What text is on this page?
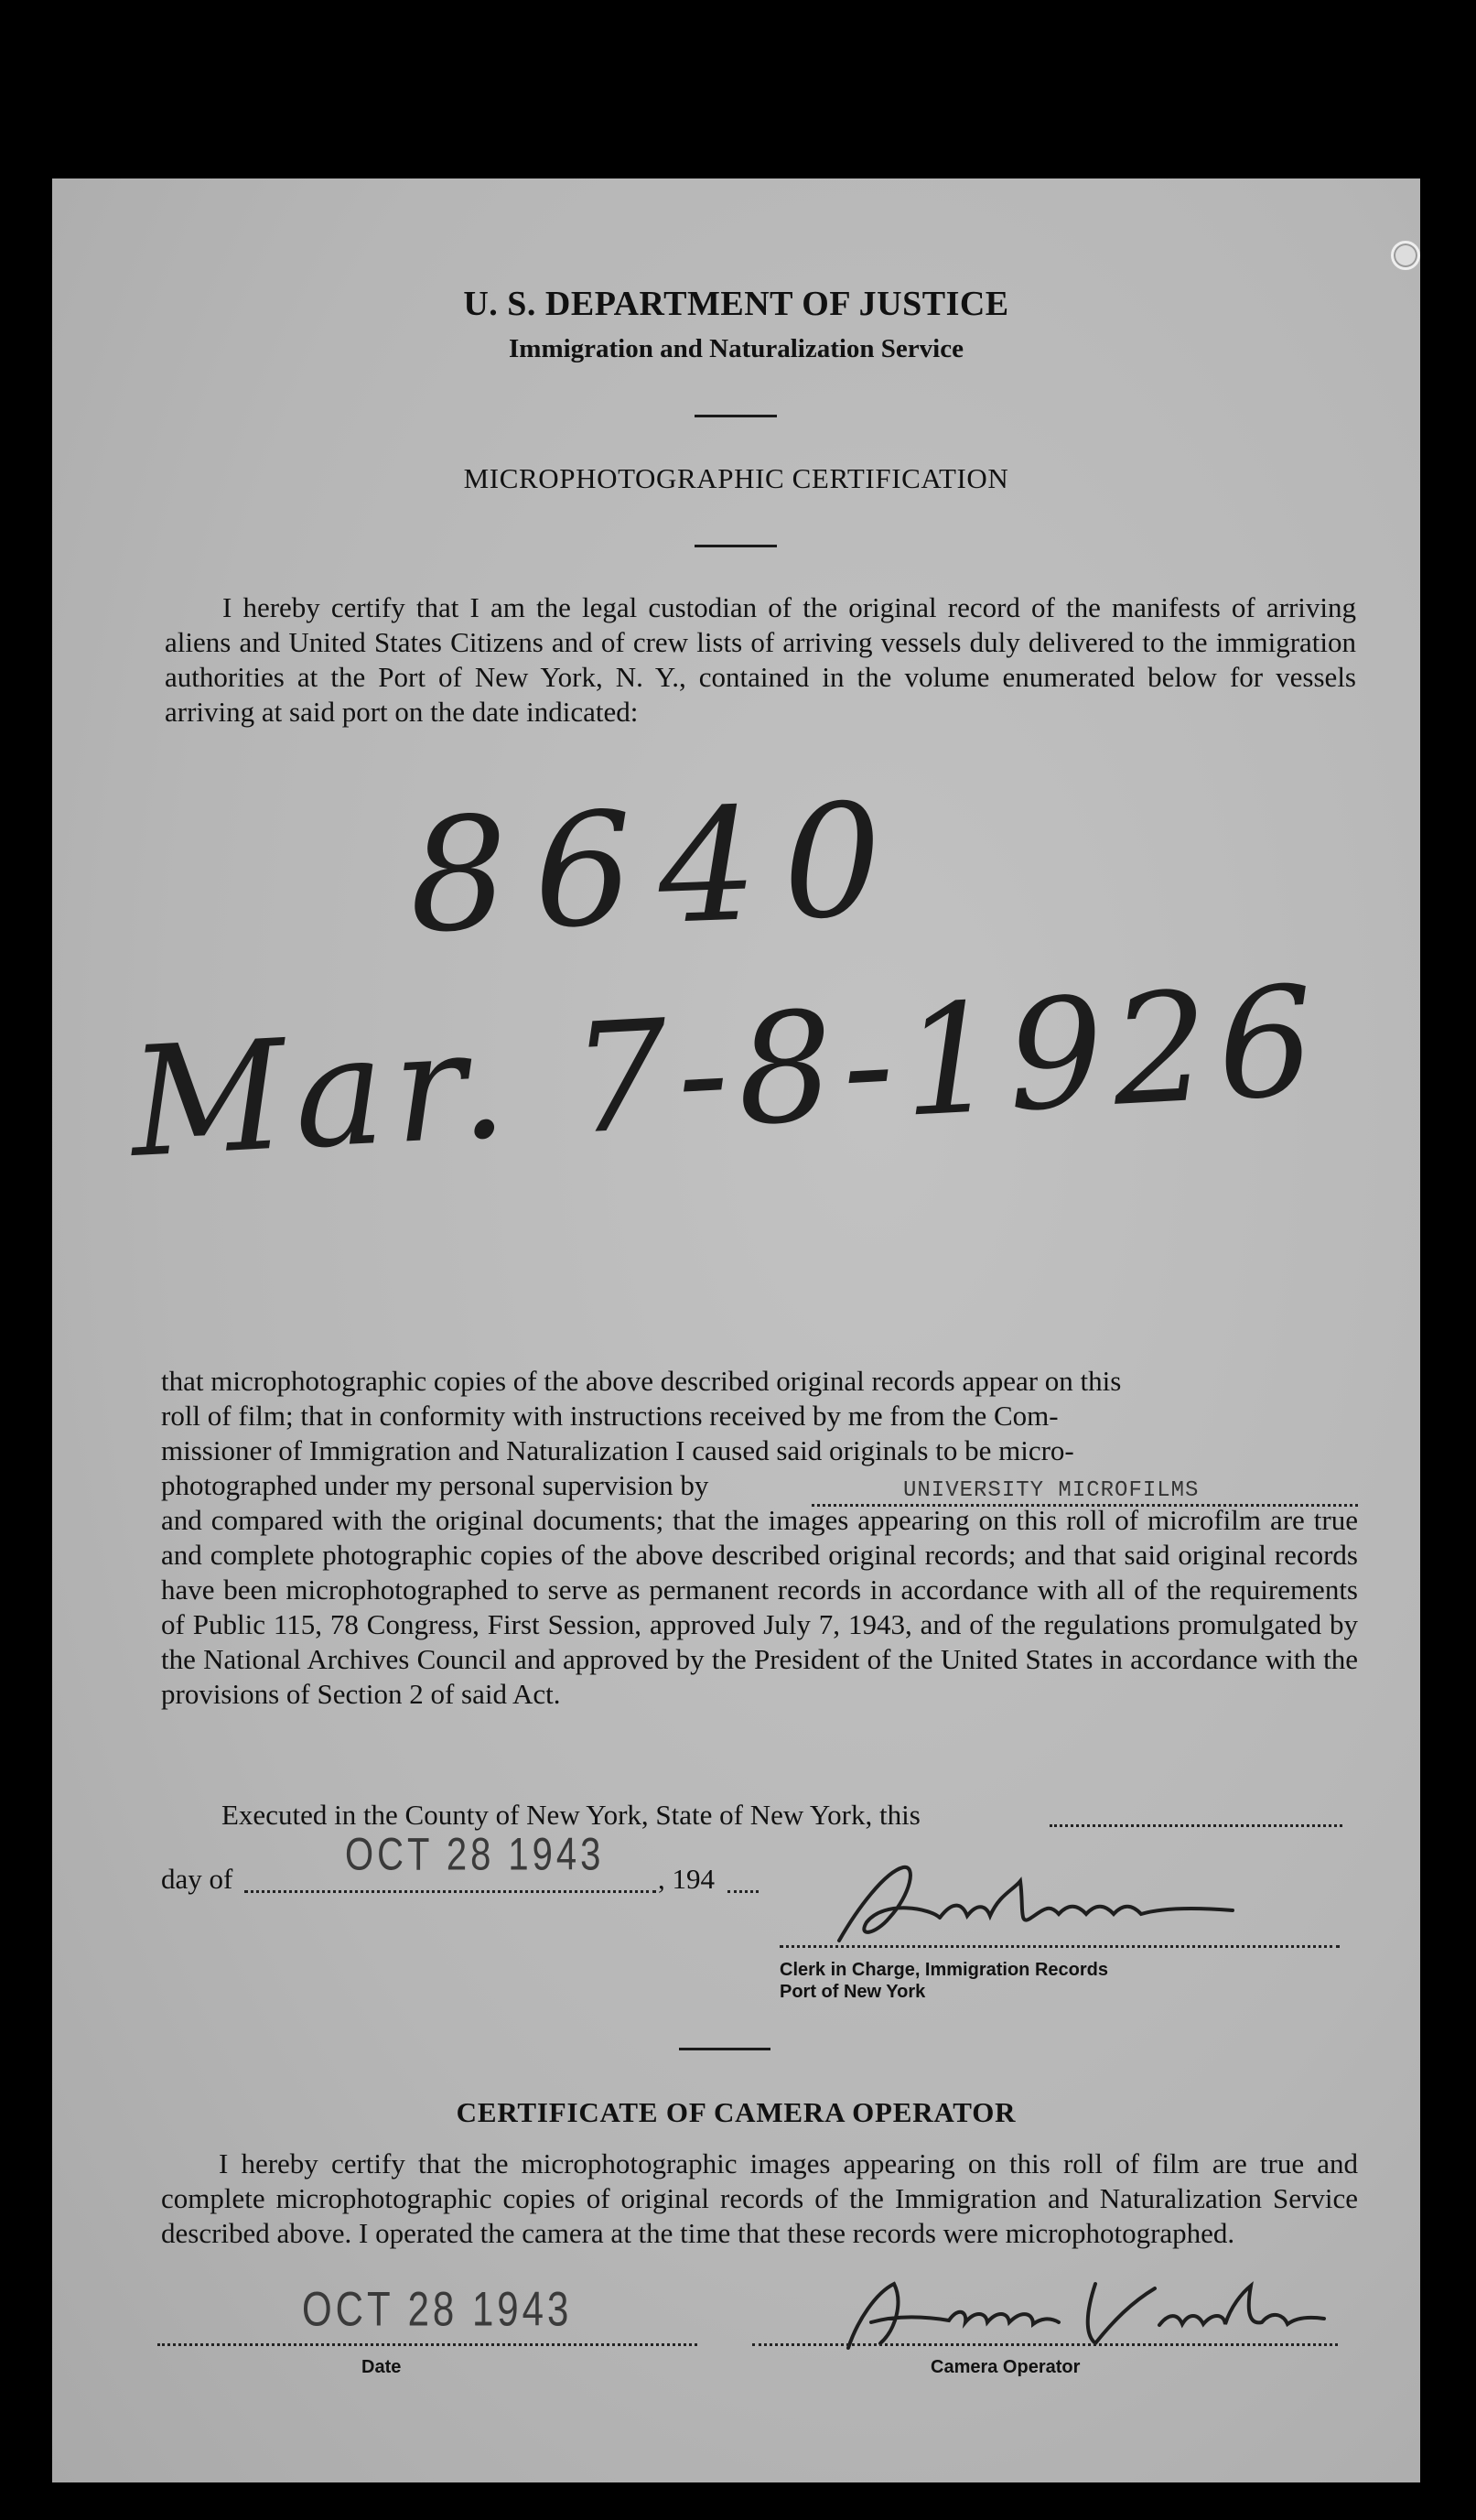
U. S. DEPARTMENT OF JUSTICE
Immigration and Naturalization Service
MICROPHOTOGRAPHIC CERTIFICATION
I hereby certify that I am the legal custodian of the original record of the manifests of arriving aliens and United States Citizens and of crew lists of arriving vessels duly delivered to the immigration authorities at the Port of New York, N. Y., contained in the volume enumerated below for vessels arriving at said port on the date indicated:
8640
Mar. 7-8-1926
that microphotographic copies of the above described original records appear on this
roll of film; that in conformity with instructions received by me from the Com-
missioner of Immigration and Naturalization I caused said originals to be micro-
photographed under my personal supervision by
and compared with the original documents; that the images appearing on this roll of microfilm are true and complete photographic copies of the above described original records; and that said original records have been microphotographed to serve as permanent records in accordance with all of the requirements of Public 115, 78 Congress, First Session, approved July 7, 1943, and of the regulations promulgated by the National Archives Council and approved by the President of the United States in accordance with the provisions of Section 2 of said Act.
UNIVERSITY MICROFILMS
Executed in the County of New York, State of New York, this
day of	OCT 28 1943 , 194
Clerk in Charge, Immigration Records
Port of New York
CERTIFICATE OF CAMERA OPERATOR
I hereby certify that the microphotographic images appearing on this roll of film are true and complete microphotographic copies of original records of the Immigration and Naturalization Service described above. I operated the camera at the time that these records were microphotographed.
OCT 28 1943
Date	Camera Operator
